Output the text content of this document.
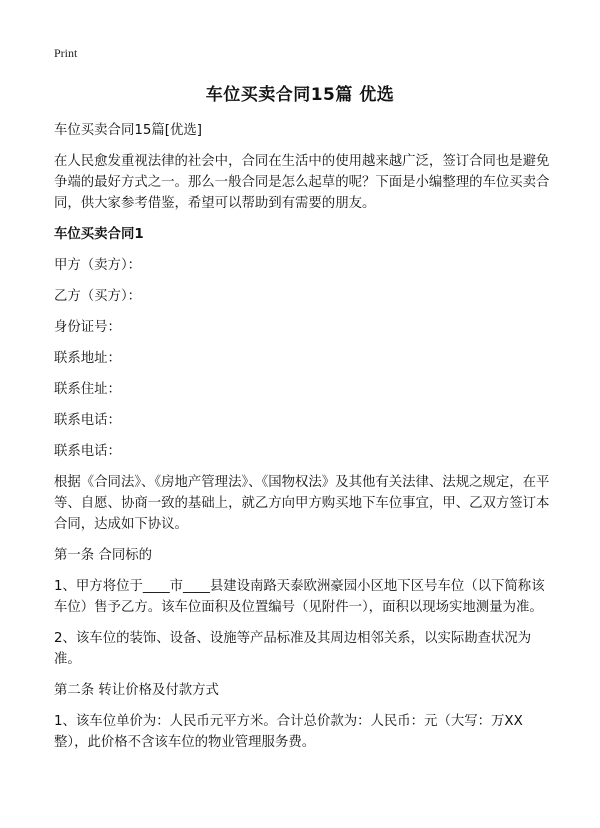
Print
车位买卖合同15篇 优选

车位买卖合同15篇[优选]

在人民愈发重视法律的社会中，合同在生活中的使用越来越广泛，签订合同也是避免争端的最好方式之一。那么一般合同是怎么起草的呢？下面是小编整理的车位买卖合同，供大家参考借鉴，希望可以帮助到有需要的朋友。

车位买卖合同1

甲方（卖方）：

乙方（买方）：

身份证号：

联系地址：

联系住址：

联系电话：

联系电话：

根据《合同法》、《房地产管理法》、《国物权法》及其他有关法律、法规之规定，在平等、自愿、协商一致的基础上，就乙方向甲方购买地下车位事宜，甲、乙双方签订本合同，达成如下协议。

第一条 合同标的

1、甲方将位于____市____县建设南路天泰欧洲豪园小区地下区号车位（以下简称该车位）售予乙方。该车位面积及位置编号（见附件一），面积以现场实地测量为准。

2、该车位的装饰、设备、设施等产品标准及其周边相邻关系，以实际勘查状况为准。

第二条 转让价格及付款方式

1、该车位单价为：人民币元平方米。合计总价款为：人民币：元（大写：万XX整），此价格不含该车位的物业管理服务费。
